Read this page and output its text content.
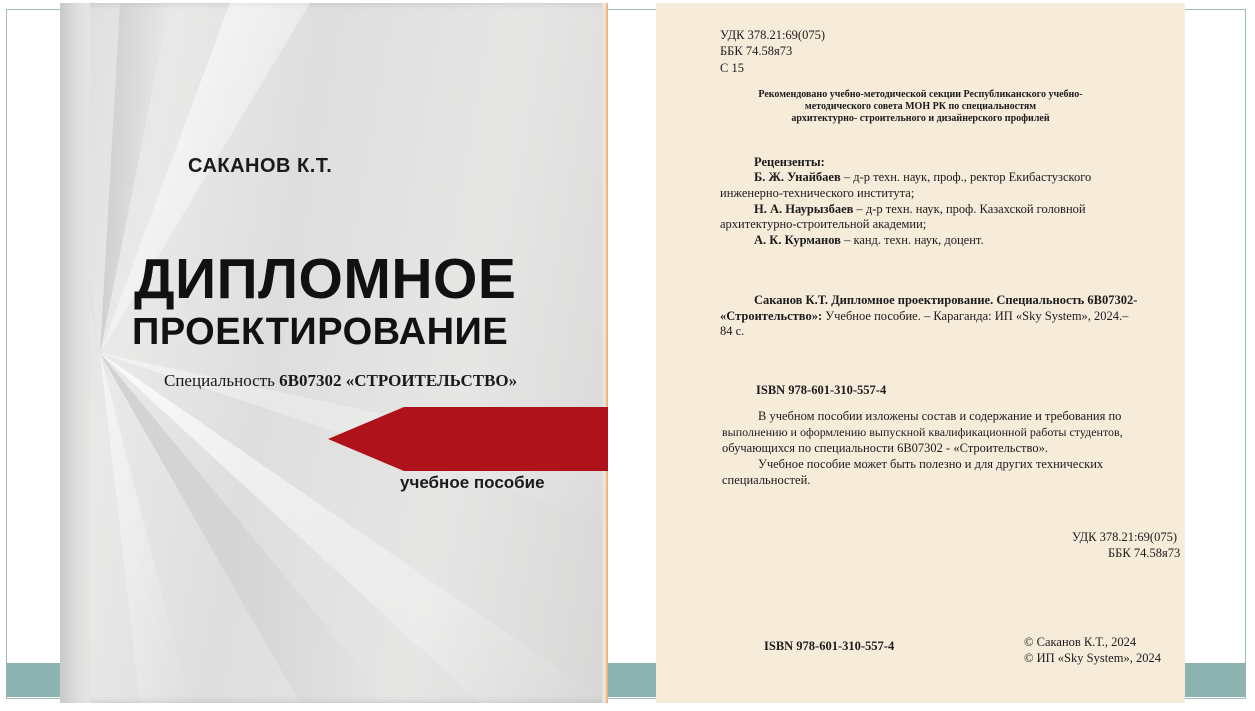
САКАНОВ К.Т.
ДИПЛОМНОЕ
ПРОЕКТИРОВАНИЕ
Специальность 6В07302 «СТРОИТЕЛЬСТВО»
учебное пособие
УДК 378.21:69(075)
ББК 74.58я73
С 15
Рекомендовано учебно-методической секции Республиканского учебно-
методического совета МОН РК по специальностям
архитектурно- строительного и дизайнерского профилей
Рецензенты:
Б. Ж. Унайбаев – д-р техн. наук, проф., ректор Екибастузского
инженерно-технического института;
Н. А. Наурызбаев – д-р техн. наук, проф. Казахской головной
архитектурно-строительной академии;
А. К. Курманов – канд. техн. наук, доцент.
Саканов К.Т. Дипломное проектирование. Специальность 6В07302-
«Строительство»: Учебное пособие. – Караганда: ИП «Sky System», 2024.–
84 с.
ISBN 978-601-310-557-4
В учебном пособии изложены состав и содержание и требования по
выполнению и оформлению выпускной квалификационной работы студентов,
обучающихся по специальности 6В07302 - «Строительство».
Учебное пособие может быть полезно и для других технических
специальностей.
УДК 378.21:69(075)
ББК 74.58я73
ISBN 978-601-310-557-4	© Саканов К.Т., 2024
© ИП «Sky System», 2024
